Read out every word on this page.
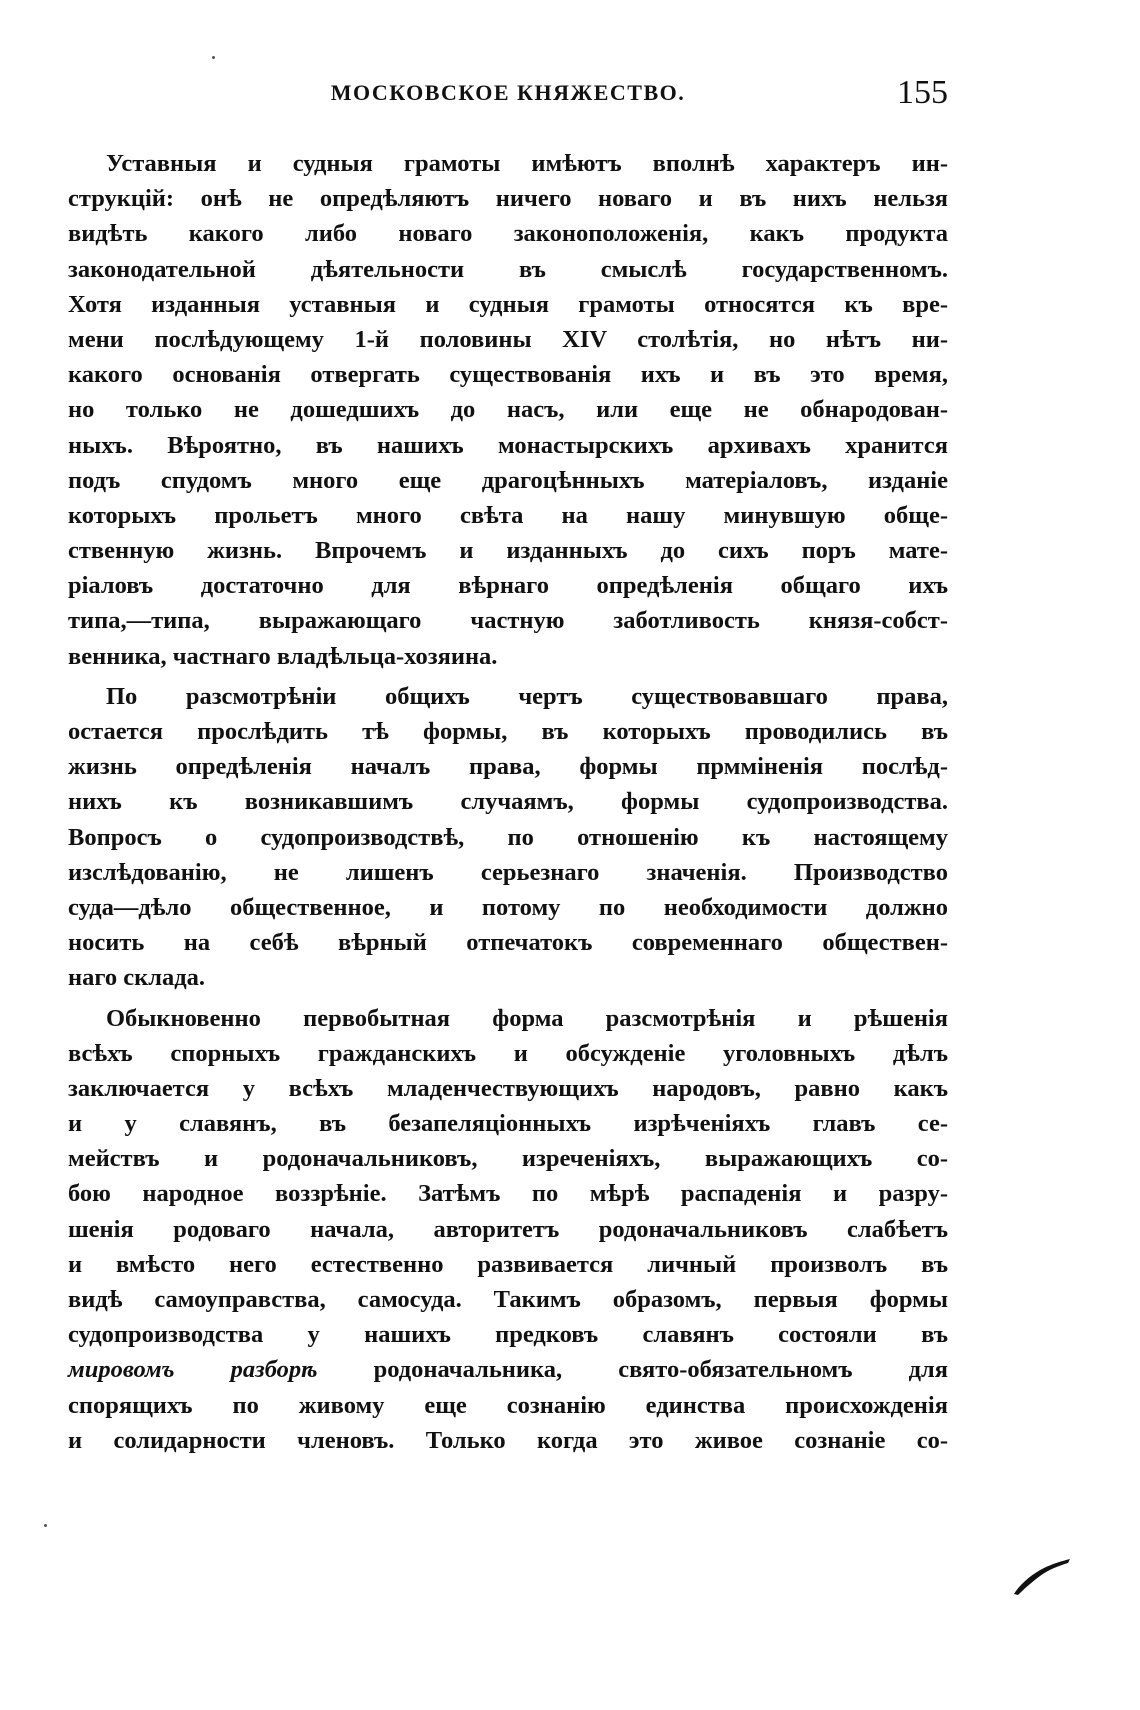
МОСКОВСКОЕ КНЯЖЕСТВО.	155
Уставныя и судныя грамоты имѣютъ вполнѣ характеръ ин-
струкцій: онѣ не опредѣляютъ ничего новаго и въ нихъ нельзя
видѣть какого либо новаго законоположенія, какъ продукта
законодательной дѣятельности въ смыслѣ государственномъ.
Хотя изданныя уставныя и судныя грамоты относятся къ вре-
мени послѣдующему 1-й половины XIV столѣтія, но нѣтъ ни-
какого основанія отвергать существованія ихъ и въ это время,
но только не дошедшихъ до насъ, или еще не обнародован-
ныхъ. Вѣроятно, въ нашихъ монастырскихъ архивахъ хранится
подъ спудомъ много еще драгоцѣнныхъ матеріаловъ, изданіе
которыхъ прольетъ много свѣта на нашу минувшую обще-
ственную жизнь. Впрочемъ и изданныхъ до сихъ поръ мате-
ріаловъ достаточно для вѣрнаго опредѣленія общаго ихъ
типа,—типа, выражающаго частную заботливость князя-собст-
венника, частнаго владѣльца-хозяина.
По разсмотрѣніи общихъ чертъ существовавшаго права,
остается прослѣдить тѣ формы, въ которыхъ проводились въ
жизнь опредѣленія началъ права, формы прмміненія послѣд-
нихъ къ возникавшимъ случаямъ, формы судопроизводства.
Вопросъ о судопроизводствѣ, по отношенію къ настоящему
изслѣдованію, не лишенъ серьезнаго значенія. Производство
суда—дѣло общественное, и потому по необходимости должно
носить на себѣ вѣрный отпечатокъ современнаго обществен-
наго склада.
Обыкновенно первобытная форма разсмотрѣнія и рѣшенія
всѣхъ спорныхъ гражданскихъ и обсужденіе уголовныхъ дѣлъ
заключается у всѣхъ младенчествующихъ народовъ, равно какъ
и у славянъ, въ безапеляціонныхъ изрѣченіяхъ главъ се-
мействъ и родоначальниковъ, изреченіяхъ, выражающихъ со-
бою народное воззрѣніе. Затѣмъ по мѣрѣ распаденія и разру-
шенія родоваго начала, авторитетъ родоначальниковъ слабѣетъ
и вмѣсто него естественно развивается личный произволъ въ
видѣ самоуправства, самосуда. Такимъ образомъ, первыя формы
судопроизводства у нашихъ предковъ славянъ состояли въ
мировомъ разборѣ родоначальника, свято-обязательномъ для
спорящихъ по живому еще сознанію единства происхожденія
и солидарности членовъ. Только когда это живое сознаніе со-
